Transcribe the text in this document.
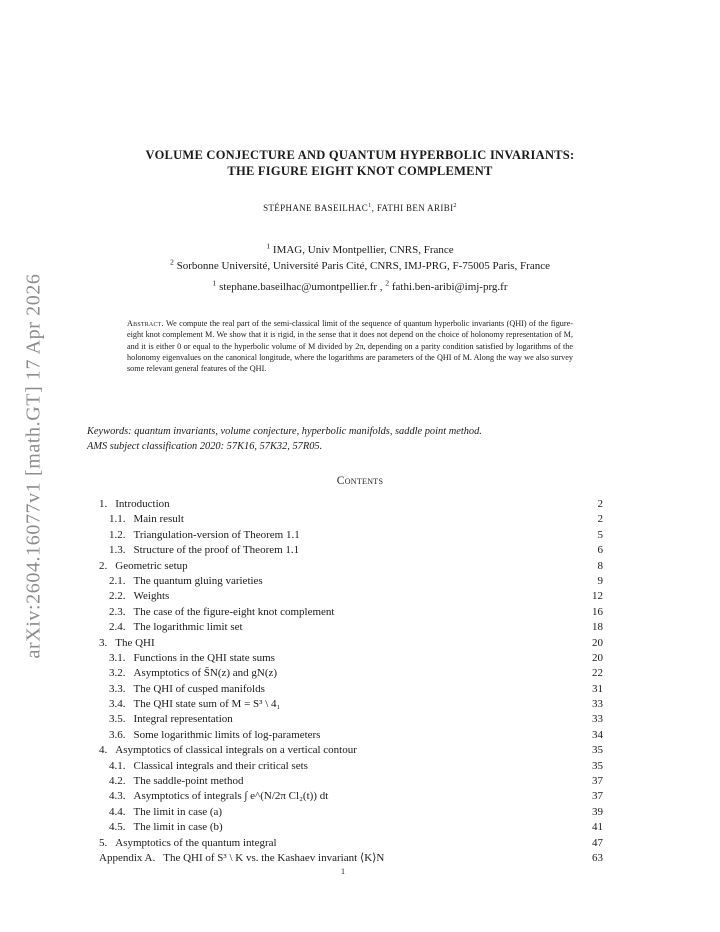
arXiv:2604.16077v1 [math.GT] 17 Apr 2026
VOLUME CONJECTURE AND QUANTUM HYPERBOLIC INVARIANTS:
THE FIGURE EIGHT KNOT COMPLEMENT
STÉPHANE BASEILHAC$^1$, FATHI BEN ARIBI$^2$
$^1$ IMAG, Univ Montpellier, CNRS, France
$^2$ Sorbonne Université, Université Paris Cité, CNRS, IMJ-PRG, F-75005 Paris, France
$^1$ stephane.baseilhac@umontpellier.fr , $^2$ fathi.ben-aribi@imj-prg.fr
Abstract. We compute the real part of the semi-classical limit of the sequence of quantum hyperbolic invariants (QHI) of the figure-eight knot complement M. We show that it is rigid, in the sense that it does not depend on the choice of holonomy representation of M, and it is either 0 or equal to the hyperbolic volume of M divided by 2π, depending on a parity condition satisfied by logarithms of the holonomy eigenvalues on the canonical longitude, where the logarithms are parameters of the QHI of M. Along the way we also survey some relevant general features of the QHI.
Keywords: quantum invariants, volume conjecture, hyperbolic manifolds, saddle point method.
AMS subject classification 2020: 57K16, 57K32, 57R05.
Contents
1. Introduction	2
1.1. Main result	2
1.2. Triangulation-version of Theorem 1.1	5
1.3. Structure of the proof of Theorem 1.1	6
2. Geometric setup	8
2.1. The quantum gluing varieties	9
2.2. Weights	12
2.3. The case of the figure-eight knot complement	16
2.4. The logarithmic limit set	18
3. The QHI	20
3.1. Functions in the QHI state sums	20
3.2. Asymptotics of S̃N(z) and gN(z)	22
3.3. The QHI of cusped manifolds	31
3.4. The QHI state sum of M = S³ \ 4₁	33
3.5. Integral representation	33
3.6. Some logarithmic limits of log-parameters	34
4. Asymptotics of classical integrals on a vertical contour	35
4.1. Classical integrals and their critical sets	35
4.2. The saddle-point method	37
4.3. Asymptotics of integrals ∫ e^(N/2π Cl₂(t)) dt	37
4.4. The limit in case (a)	39
4.5. The limit in case (b)	41
5. Asymptotics of the quantum integral	47
Appendix A. The QHI of S³ \ K vs. the Kashaev invariant ⟨K⟩N	63
1
